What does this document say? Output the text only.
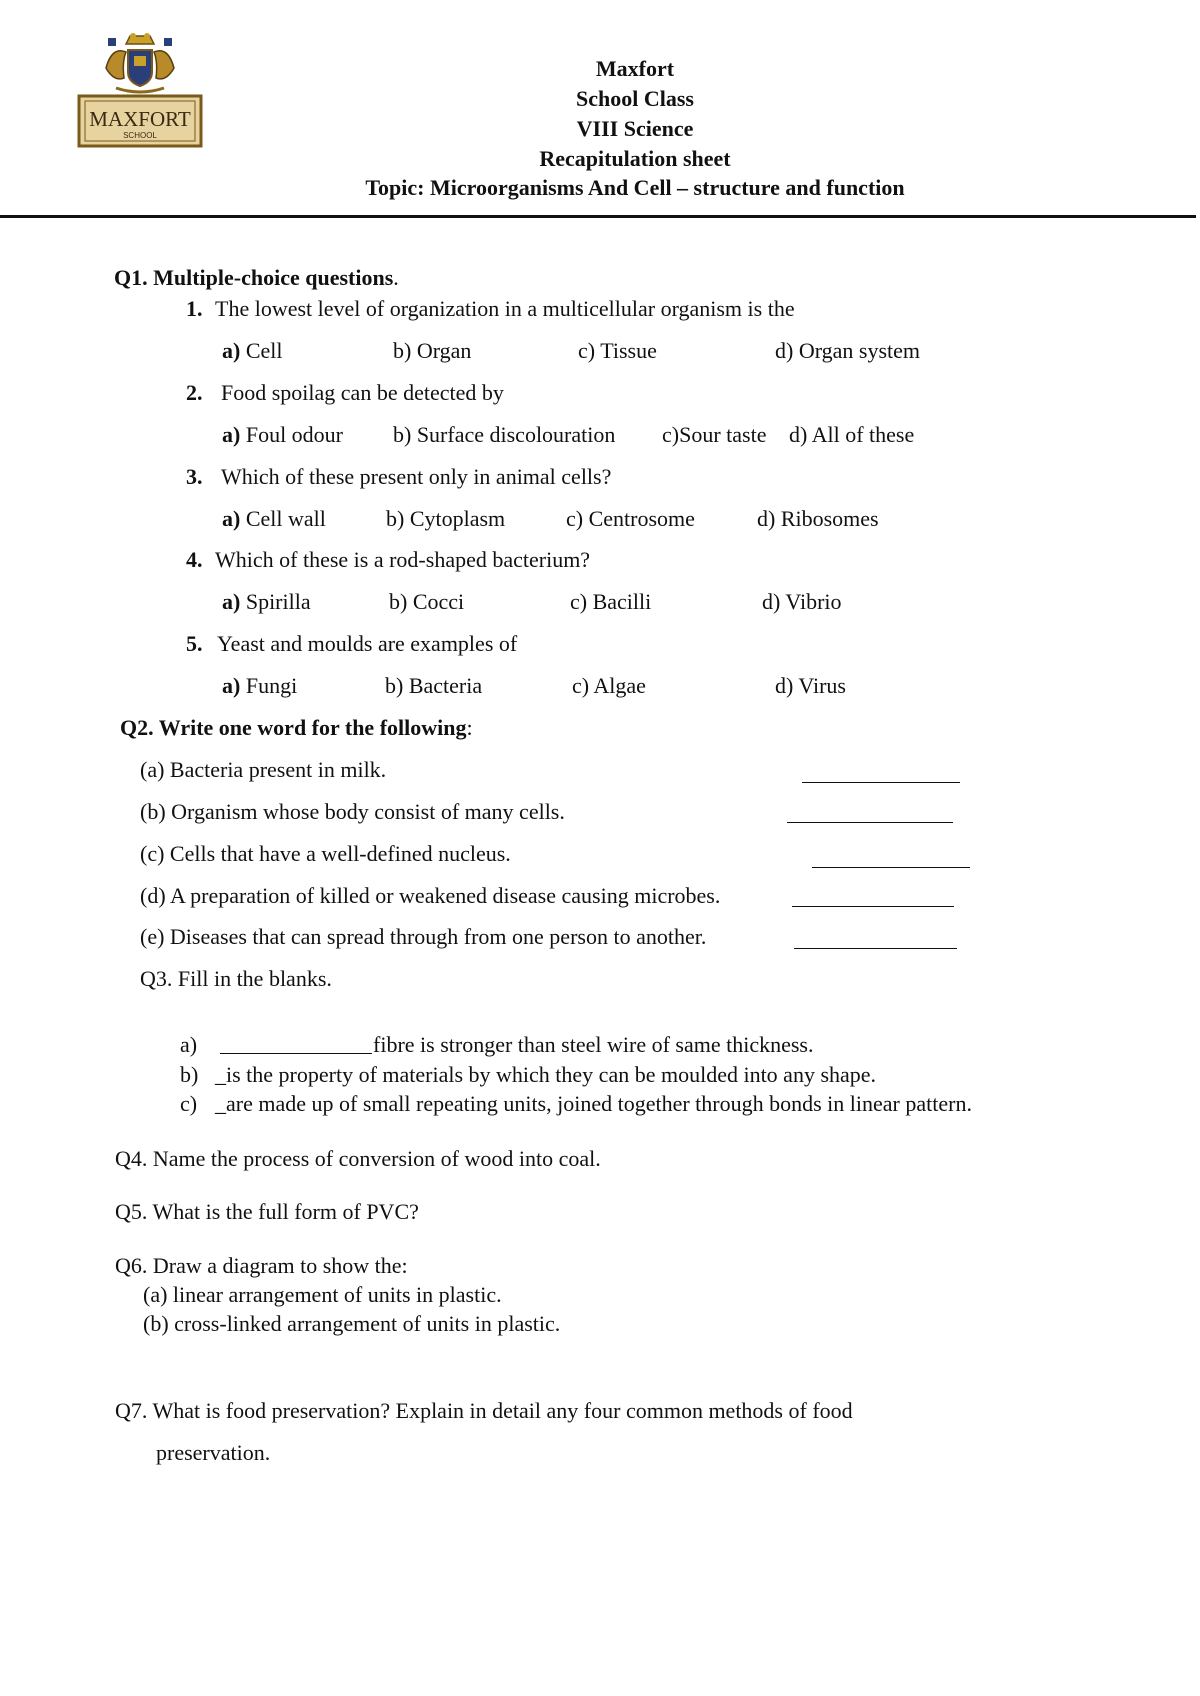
MAXFORT
SCHOOL
Maxfort
School Class
VIII Science
Recapitulation sheet
Topic: Microorganisms And Cell – structure and function
Q1. Multiple-choice questions.
1. The lowest level of organization in a multicellular organism is the
a) Cell	b) Organ	c) Tissue	d) Organ system
2. Food spoilag can be detected by
a) Foul odour b) Surface discolouration c)Sour taste d) All of these
3. Which of these present only in animal cells?
a) Cell wall	b) Cytoplasm	c) Centrosome	d) Ribosomes
4. Which of these is a rod-shaped bacterium?
a) Spirilla	b) Cocci	c) Bacilli	d) Vibrio
5. Yeast and moulds are examples of
a) Fungi	b) Bacteria	c) Algae	d) Virus
Q2. Write one word for the following:
(a) Bacteria present in milk.
(b) Organism whose body consist of many cells.
(c) Cells that have a well-defined nucleus.
(d) A preparation of killed or weakened disease causing microbes.
(e) Diseases that can spread through from one person to another.
Q3. Fill in the blanks.
a)	fibre is stronger than steel wire of same thickness.
b) _is the property of materials by which they can be moulded into any shape.
c) _are made up of small repeating units, joined together through bonds in linear pattern.
Q4. Name the process of conversion of wood into coal.
Q5. What is the full form of PVC?
Q6. Draw a diagram to show the:
(a) linear arrangement of units in plastic.
(b) cross-linked arrangement of units in plastic.
Q7. What is food preservation? Explain in detail any four common methods of food
preservation.
